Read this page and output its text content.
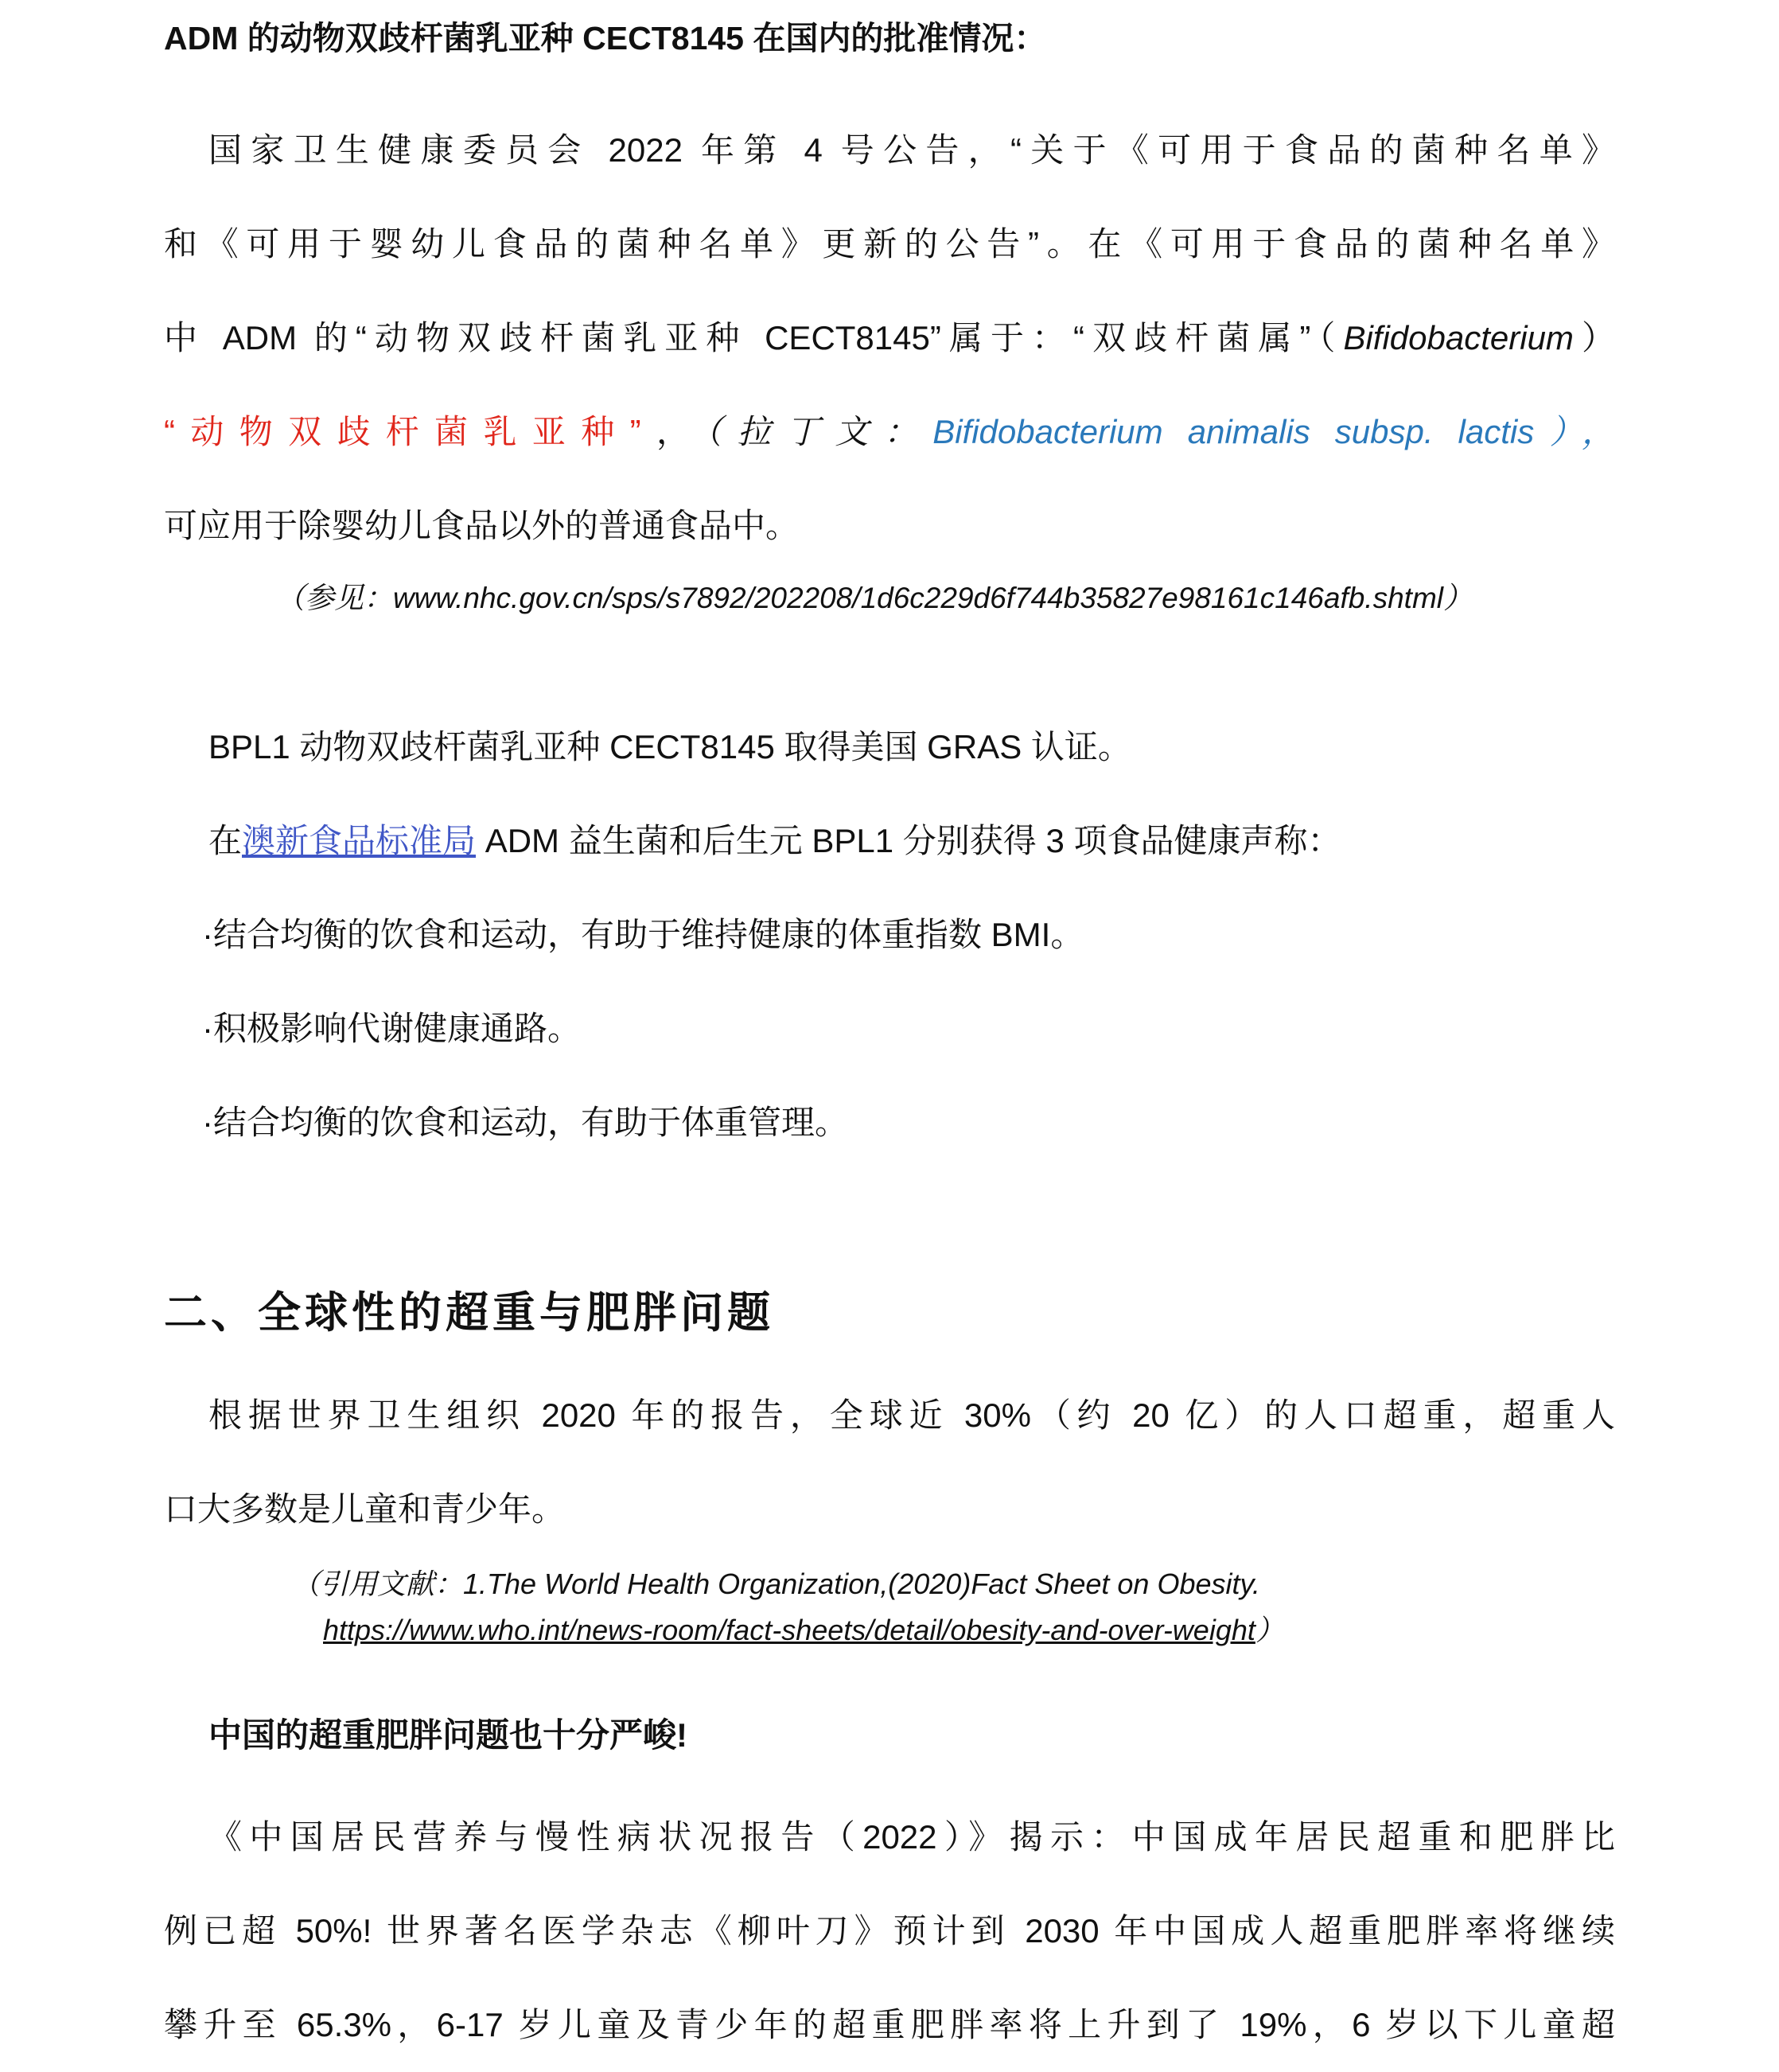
ADM 的动物双歧杆菌乳亚种 CECT8145 在国内的批准情况：
国家卫生健康委员会 2022 年第 4 号公告，“关于《可用于食品的菌种名单》
和《可用于婴幼儿食品的菌种名单》更新的公告”。在《可用于食品的菌种名单》
中 ADM 的“动物双歧杆菌乳亚种 CECT8145”属于：“双歧杆菌属”（Bifidobacterium）
“动物双歧杆菌乳亚种”，（拉丁文：Bifidobacterium animalis subsp. lactis），
可应用于除婴幼儿食品以外的普通食品中。
（参见：www.nhc.gov.cn/sps/s7892/202208/1d6c229d6f744b35827e98161c146afb.shtml）
BPL1 动物双歧杆菌乳亚种 CECT8145 取得美国 GRAS 认证。
在澳新食品标准局 ADM 益生菌和后生元 BPL1 分别获得 3 项食品健康声称：
·结合均衡的饮食和运动，有助于维持健康的体重指数 BMI。
·积极影响代谢健康通路。
·结合均衡的饮食和运动，有助于体重管理。
二、全球性的超重与肥胖问题
根据世界卫生组织 2020 年的报告，全球近 30%（约 20 亿）的人口超重，超重人
口大多数是儿童和青少年。
（引用文献：1.The World Health Organization,(2020)Fact Sheet on Obesity.
https://www.who.int/news-room/fact-sheets/detail/obesity-and-over-weight）
中国的超重肥胖问题也十分严峻!
《中国居民营养与慢性病状况报告（2022）》揭示：中国成年居民超重和肥胖比
例已超 50%! 世界著名医学杂志《柳叶刀》预计到 2030 年中国成人超重肥胖率将继续
攀升至 65.3%，6-17 岁儿童及青少年的超重肥胖率将上升到了 19%，6 岁以下儿童超
